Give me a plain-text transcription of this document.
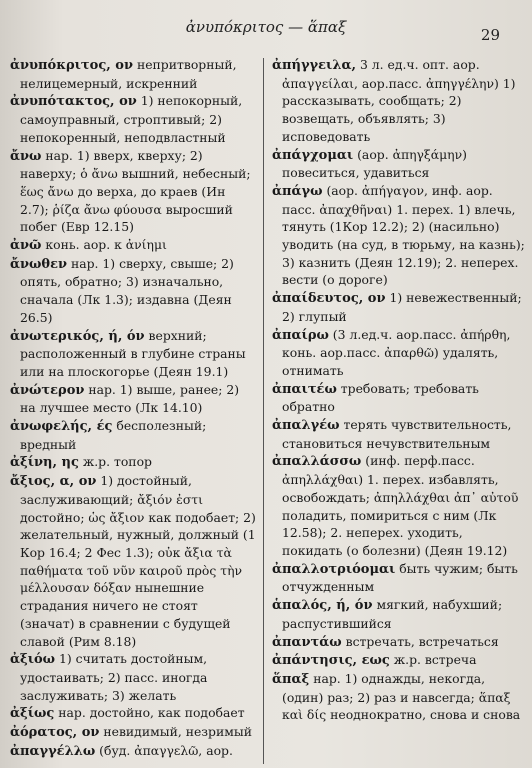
ἀνυπόκριτος — ἅπαξ	29

ἀνυπόκριτος, ον непритворный, нелицемерный, искренний

ἀνυπότακτος, ον 1) непокорный, самоуправный, строптивый; 2) непокоренный, неподвластный

ἄνω нар. 1) вверх, кверху; 2) наверху; ὁ ἄνω вышний, небесный; ἕως ἄνω до верха, до краев (Ин 2.7); ῥίζα ἄνω φύουσα выросший побег (Евр 12.15)

ἀνῶ конь. аор. к ἀνίημι

ἄνωθεν нар. 1) сверху, свыше; 2) опять, обратно; 3) изначально, сначала (Лк 1.3); издавна (Деян 26.5)

ἀνωτερικός, ή, όν верхний; расположенный в глубине страны или на плоскогорье (Деян 19.1)

ἀνώτερον нар. 1) выше, ранее; 2) на лучшее место (Лк 14.10)

ἀνωφελής, ές бесполезный; вредный

ἀξίνη, ης ж.р. топор

ἄξιος, α, ον 1) достойный, заслуживающий; ἄξιόν ἐστι достойно; ὡς ἄξιον как подобает; 2) желательный, нужный, должный (1 Кор 16.4; 2 Фес 1.3); οὐκ ἄξια τὰ παθήματα τοῦ νῦν καιροῦ πρὸς τὴν μέλλουσαν δόξαν нынешние страдания ничего не стоят (значат) в сравнении с будущей славой (Рим 8.18)

ἀξιόω 1) считать достойным, удостаивать; 2) пасс. иногда заслуживать; 3) желать

ἀξίως нар. достойно, как подобает

ἀόρατος, ον невидимый, незримый

ἀπαγγέλλω (буд. ἀπαγγελῶ, аор.

ἀπήγγειλα, 3 л. ед.ч. опт. аор. ἀπαγγείλαι, аор.пасс. ἀπηγγέλην) 1) рассказывать, сообщать; 2) возвещать, объявлять; 3) исповедовать

ἀπάγχομαι (аор. ἀπηγξάμην) повеситься, удавиться

ἀπάγω (аор. ἀπήγαγον, инф. аор. пасс. ἀπαχθῆναι) 1. перех. 1) влечь, тянуть (1Кор 12.2); 2) (насильно) уводить (на суд, в тюрьму, на казнь); 3) казнить (Деян 12.19); 2. неперех. вести (о дороге)

ἀπαίδευτος, ον 1) невежественный; 2) глупый

ἀπαίρω (3 л.ед.ч. аор.пасс. ἀπήρθη, конь. аор.пасс. ἀπαρθῶ) удалять, отнимать

ἀπαιτέω требовать; требовать обратно

ἀπαλγέω терять чувствительность, становиться нечувствительным

ἀπαλλάσσω (инф. перф.пасс. ἀπηλλάχθαι) 1. перех. избавлять, освобождать; ἀπηλλάχθαι ἀπ᾽ αὐτοῦ поладить, помириться с ним (Лк 12.58); 2. неперех. уходить, покидать (о болезни) (Деян 19.12)

ἀπαλλοτριόομαι быть чужим; быть отчужденным

ἁπαλός, ή, όν мягкий, набухший; распустившийся

ἀπαντάω встречать, встречаться

ἀπάντησις, εως ж.р. встреча

ἅπαξ нар. 1) однажды, некогда, (один) раз; 2) раз и навсегда; ἅπαξ καὶ δίς неоднократно, снова и снова
